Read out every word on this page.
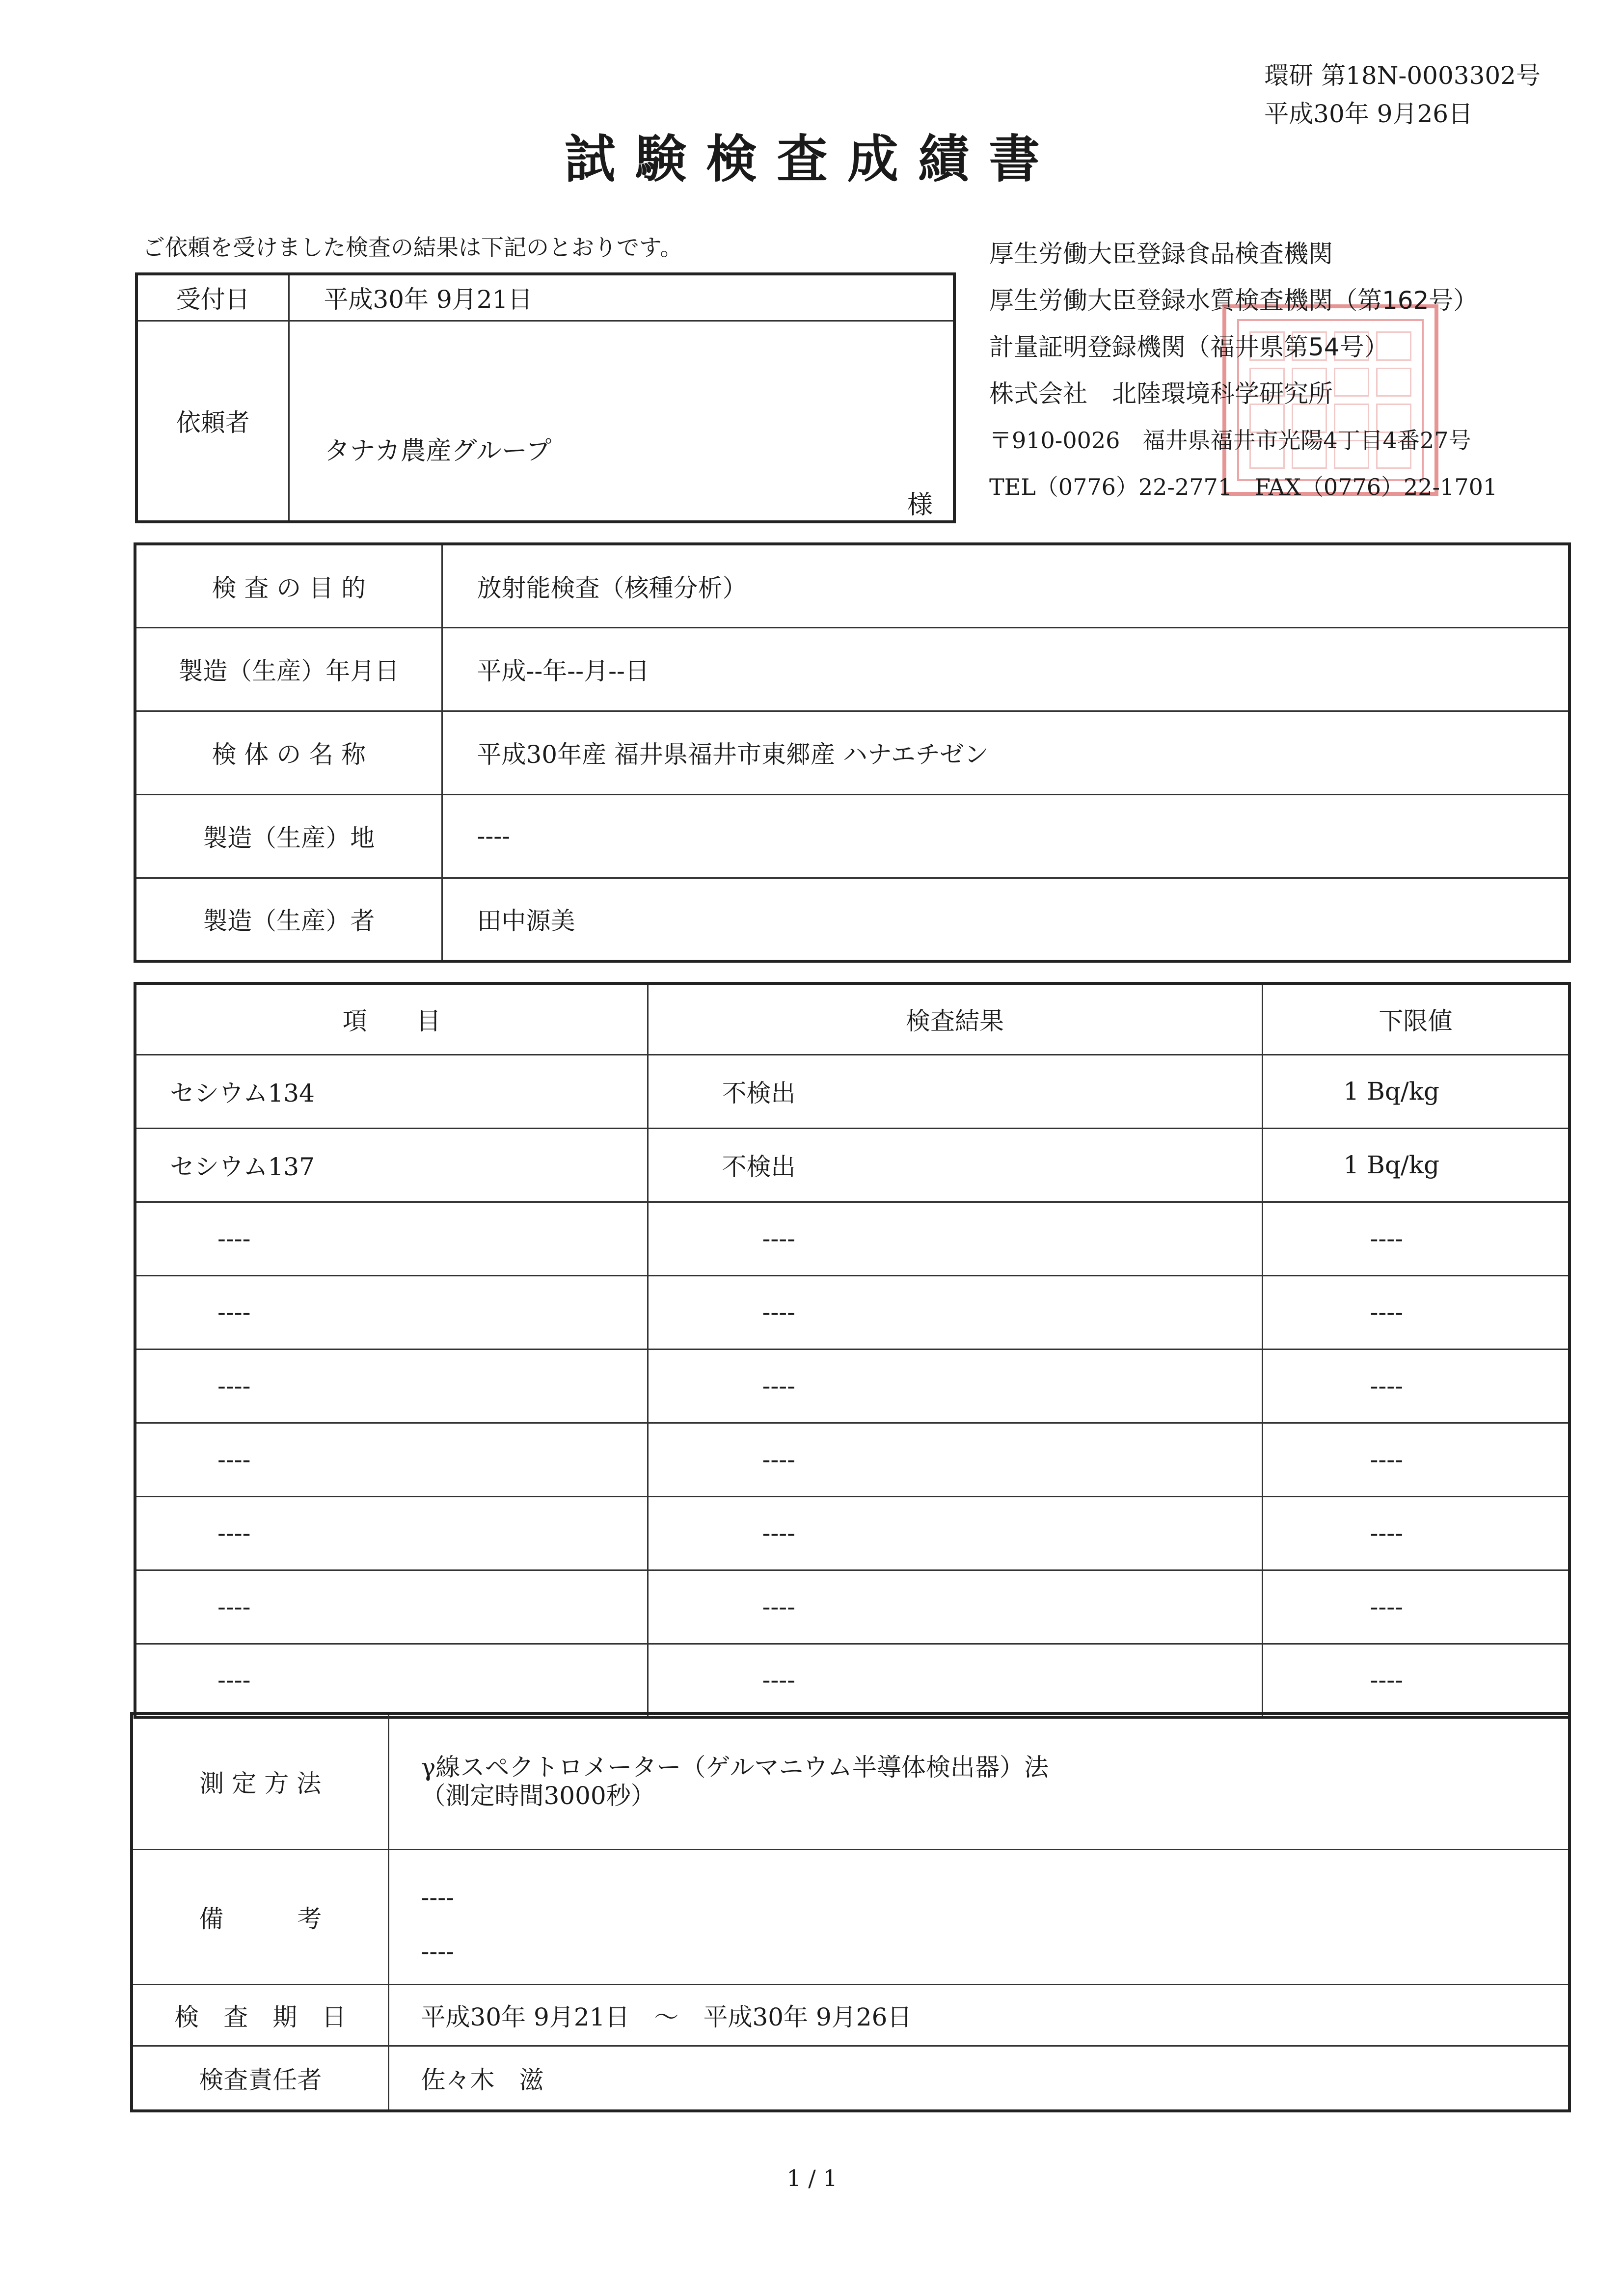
環研 第18N-0003302号
平成30年 9月26日
試験検査成績書
ご依頼を受けました検査の結果は下記のとおりです。	厚生労働大臣登録食品検査機関
厚生労働大臣登録水質検査機関（第162号）
計量証明登録機関（福井県第54号）
株式会社　北陸環境科学研究所
〒910-0026　福井県福井市光陽4丁目4番27号
TEL（0776）22-2771　FAX（0776）22-1701
受付日	平成30年 9月21日
依頼者	タナカ農産グループ
様
検 査 の 目 的	放射能検査（核種分析）
製造（生産）年月日	平成--年--月--日
検 体 の 名 称	平成30年産 福井県福井市東郷産 ハナエチゼン
製造（生産）地	----
製造（生産）者	田中源美
項　　目	検査結果	下限値
セシウム134	不検出	1 Bq/kg
セシウム137	不検出	1 Bq/kg
----	----	----
----	----	----
----	----	----
----	----	----
----	----	----
----	----	----
----	----	----
測 定 方 法	γ線スペクトロメーター（ゲルマニウム半導体検出器）法
（測定時間3000秒）

備　　　考	----
----

検　査　期　日	平成30年 9月21日　～　平成30年 9月26日
検査責任者	佐々木　滋
1 / 1
